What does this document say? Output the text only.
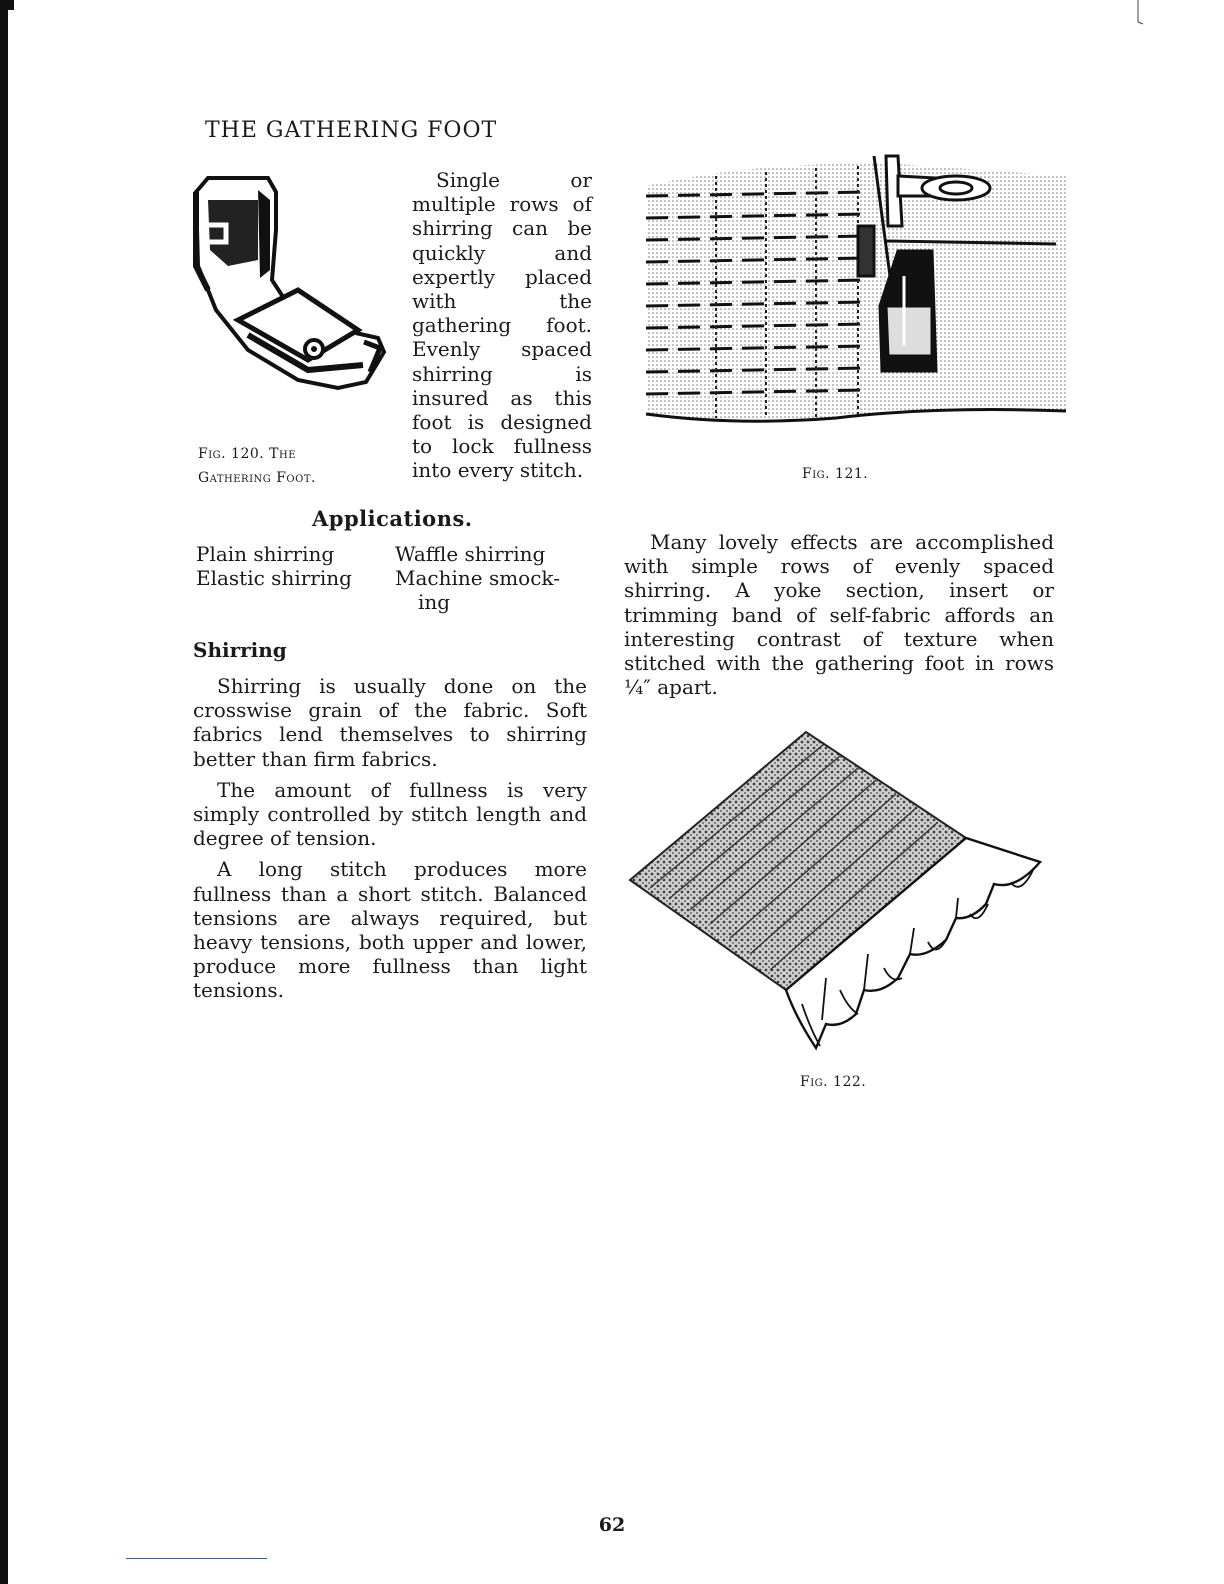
THE GATHERING FOOT
Single or multiple rows of shirring can be quickly and expertly placed with the gathering foot. Evenly spaced shirring is insured as this foot is designed to lock fullness into every stitch.
Fig. 120. The
Gathering Foot.	Fig. 121.
Applications.
Plain shirring
Elastic shirring
Waffle shirring
Machine smock-
ing
Shirring

Shirring is usually done on the crosswise grain of the fabric. Soft fabrics lend themselves to shirring better than firm fabrics.

The amount of fullness is very simply controlled by stitch length and degree of tension.

A long stitch produces more fullness than a short stitch. Balanced tensions are always required, but heavy tensions, both upper and lower, produce more fullness than light tensions.

Many lovely effects are accomplished with simple rows of evenly spaced shirring. A yoke section, insert or trimming band of self-fabric affords an interesting contrast of texture when stitched with the gathering foot in rows ¼″ apart.

Fig. 122.
62
